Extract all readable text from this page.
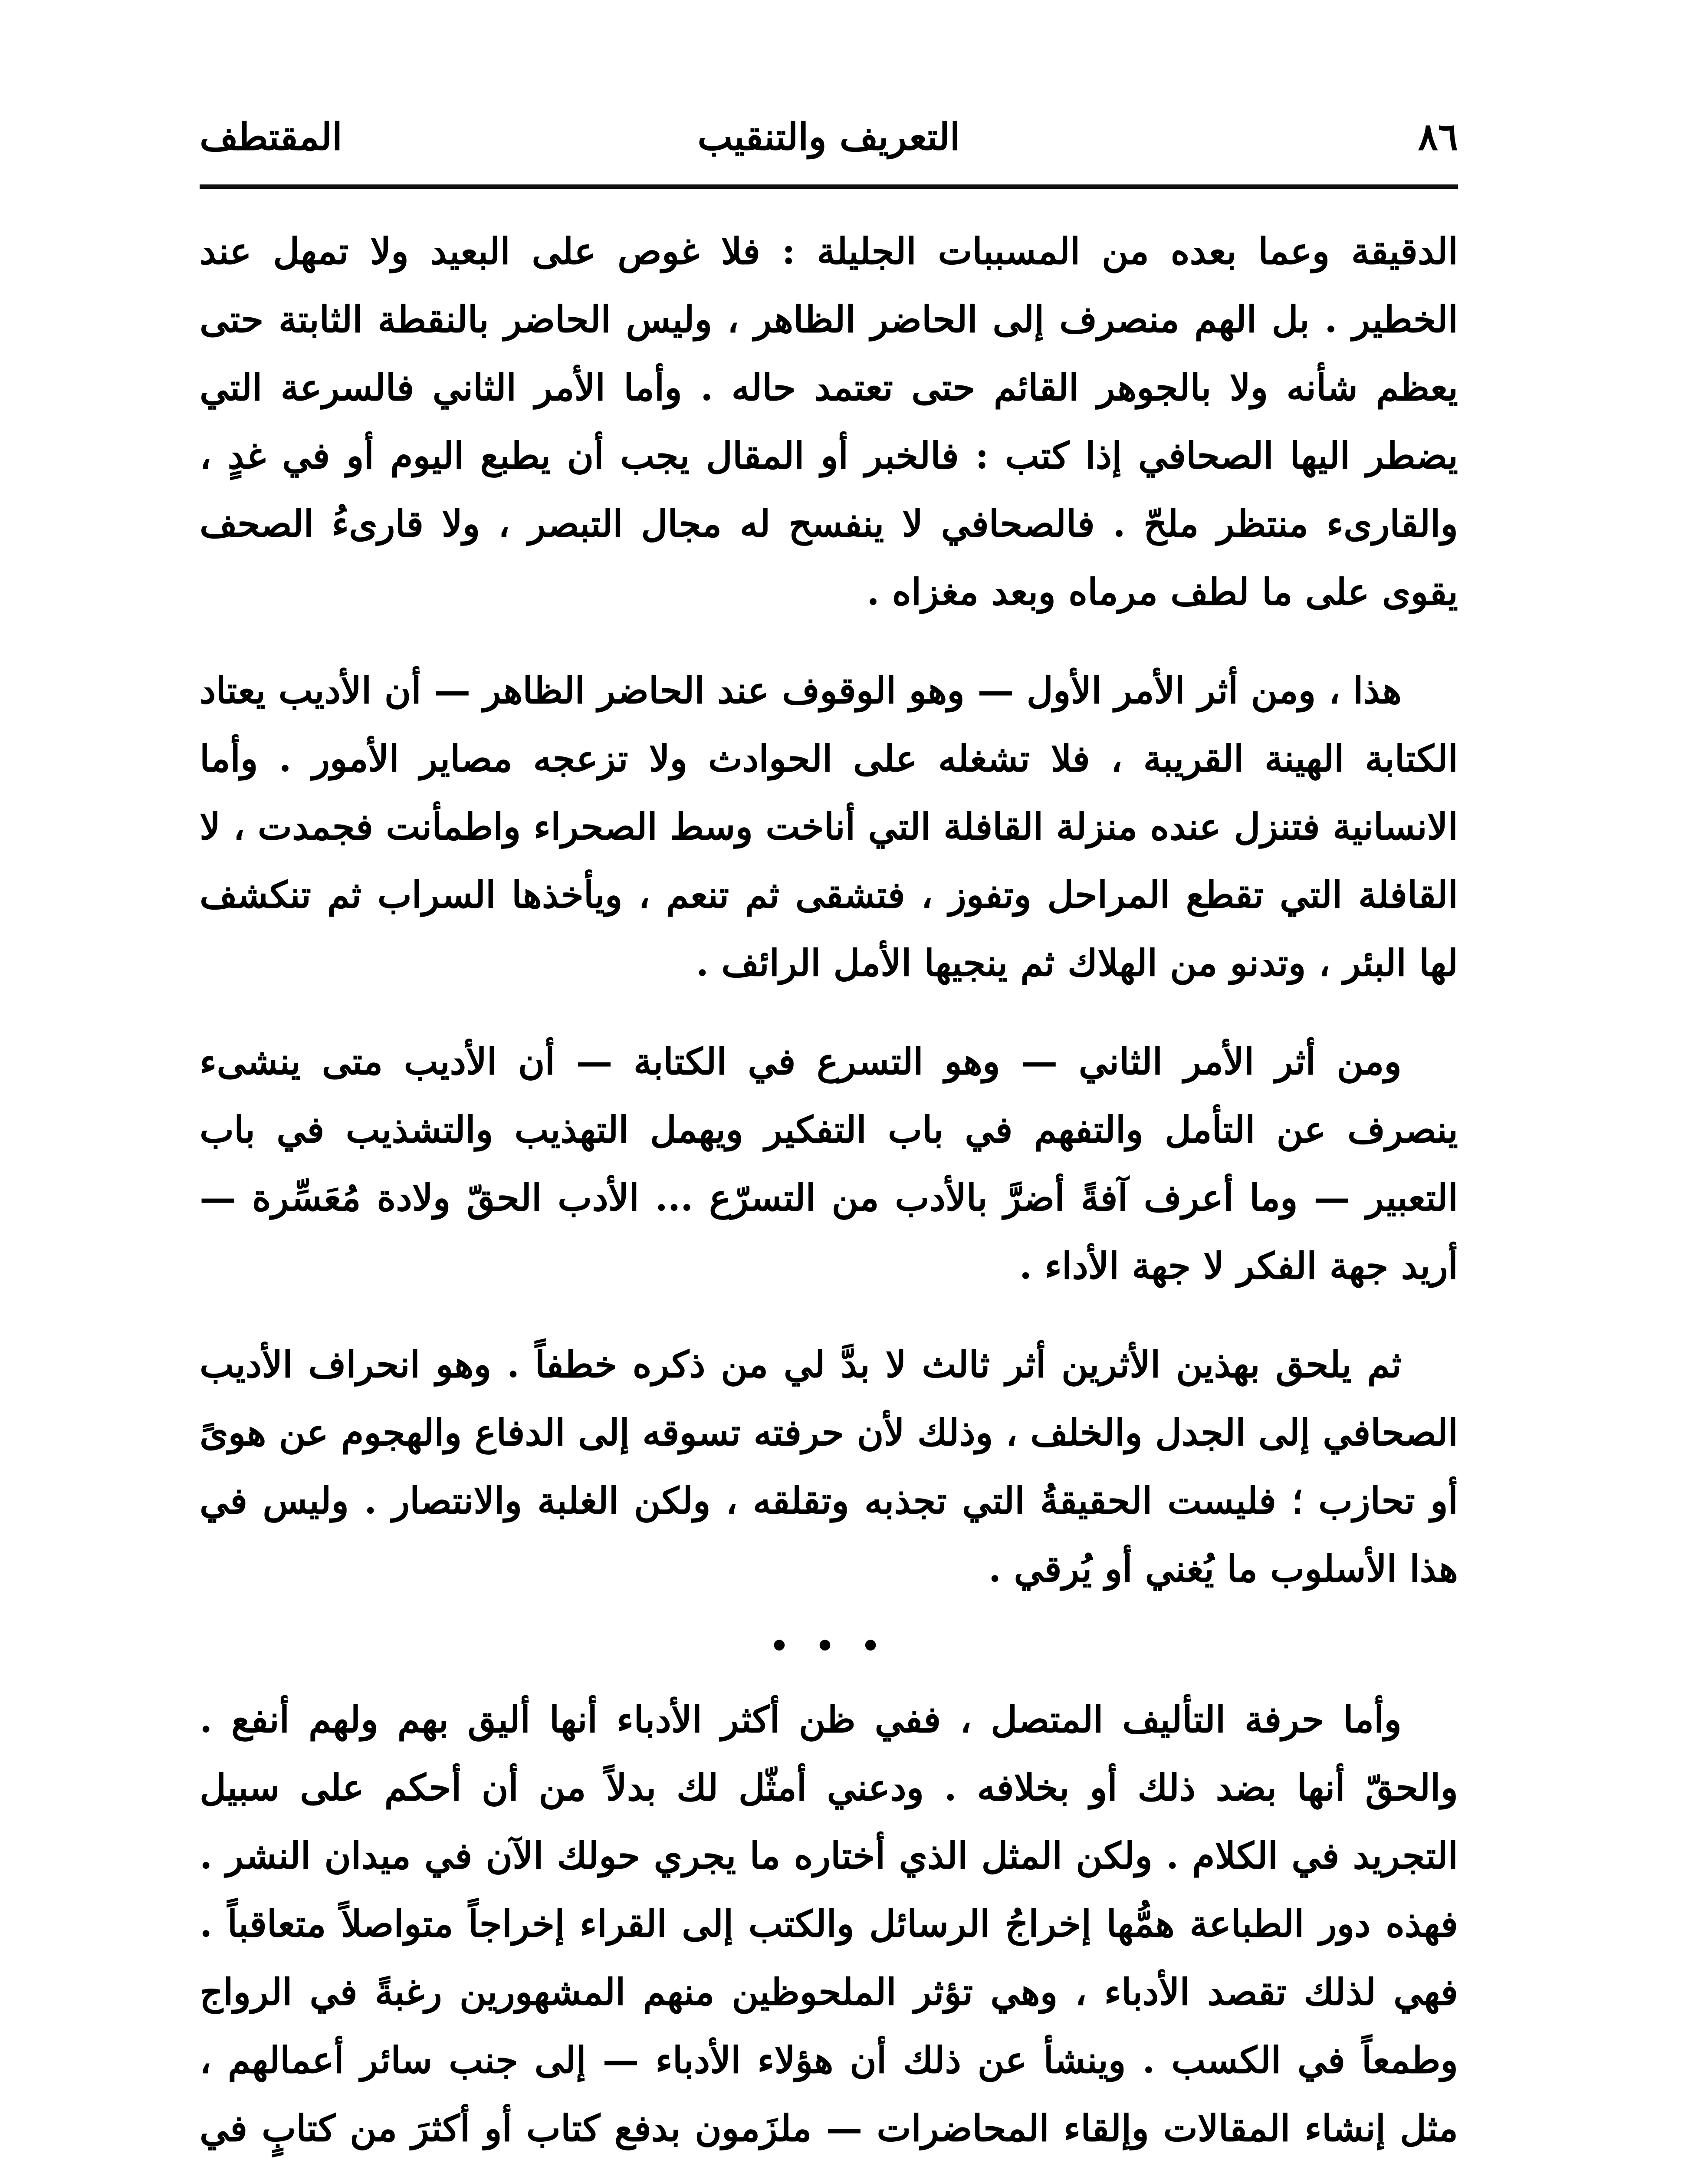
٨٦
التعريف والتنقيب
المقتطف

الدقيقة وعما بعده من المسببات الجليلة : فلا غوص على البعيد ولا تمهل عند الخطير . بل الهم منصرف إلى الحاضر الظاهر ، وليس الحاضر بالنقطة الثابتة حتى يعظم شأنه ولا بالجوهر القائم حتى تعتمد حاله . وأما الأمر الثاني فالسرعة التي يضطر اليها الصحافي إذا كتب : فالخبر أو المقال يجب أن يطبع اليوم أو في غدٍ ، والقارىء منتظر ملحّ . فالصحافي لا ينفسح له مجال التبصر ، ولا قارىءُ الصحف يقوى على ما لطف مرماه وبعد مغزاه .

هذا ، ومن أثر الأمر الأول — وهو الوقوف عند الحاضر الظاهر — أن الأديب يعتاد الكتابة الهينة القريبة ، فلا تشغله على الحوادث ولا تزعجه مصاير الأمور . وأما الانسانية فتنزل عنده منزلة القافلة التي أناخت وسط الصحراء واطمأنت فجمدت ، لا القافلة التي تقطع المراحل وتفوز ، فتشقى ثم تنعم ، ويأخذها السراب ثم تنكشف لها البئر ، وتدنو من الهلاك ثم ينجيها الأمل الرائف .

ومن أثر الأمر الثاني — وهو التسرع في الكتابة — أن الأديب متى ينشىء ينصرف عن التأمل والتفهم في باب التفكير ويهمل التهذيب والتشذيب في باب التعبير — وما أعرف آفةً أضرَّ بالأدب من التسرّع ... الأدب الحقّ ولادة مُعَسِّرة — أريد جهة الفكر لا جهة الأداء .

ثم يلحق بهذين الأثرين أثر ثالث لا بدَّ لي من ذكره خطفاً . وهو انحراف الأديب الصحافي إلى الجدل والخلف ، وذلك لأن حرفته تسوقه إلى الدفاع والهجوم عن هوىً أو تحازب ؛ فليست الحقيقةُ التي تجذبه وتقلقه ، ولكن الغلبة والانتصار . وليس في هذا الأسلوب ما يُغني أو يُرقي .

• • •

وأما حرفة التأليف المتصل ، ففي ظن أكثر الأدباء أنها أليق بهم ولهم أنفع . والحقّ أنها بضد ذلك أو بخلافه . ودعني أمثّل لك بدلاً من أن أحكم على سبيل التجريد في الكلام . ولكن المثل الذي أختاره ما يجري حولك الآن في ميدان النشر . فهذه دور الطباعة همُّها إخراجُ الرسائل والكتب إلى القراء إخراجاً متواصلاً متعاقباً . فهي لذلك تقصد الأدباء ، وهي تؤثر الملحوظين منهم المشهورين رغبةً في الرواج وطمعاً في الكسب . وينشأ عن ذلك أن هؤلاء الأدباء — إلى جنب سائر أعمالهم ، مثل إنشاء المقالات وإلقاء المحاضرات — ملزَمون بدفع كتاب أو أكثرَ من كتابٍ في
